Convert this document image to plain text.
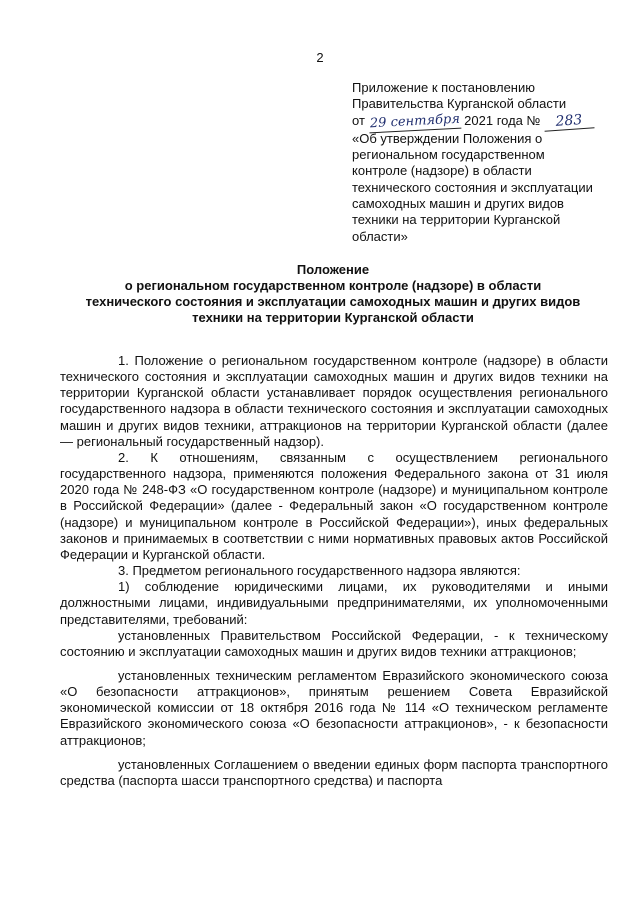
2
Приложение к постановлению
Правительства Курганской области
от 29 сентября 2021 года № 283
«Об утверждении Положения о
региональном государственном
контроле (надзоре) в области
технического состояния и эксплуатации
самоходных машин и других видов
техники на территории Курганской
области»
Положение
о региональном государственном контроле (надзоре) в области
технического состояния и эксплуатации самоходных машин и других видов
техники на территории Курганской области

1. Положение о региональном государственном контроле (надзоре) в области технического состояния и эксплуатации самоходных машин и других видов техники на территории Курганской области устанавливает порядок осуществления регионального государственного надзора в области технического состояния и эксплуатации самоходных машин и других видов техники, аттракционов на территории Курганской области (далее — региональный государственный надзор).

2. К отношениям, связанным с осуществлением регионального государственного надзора, применяются положения Федерального закона от 31 июля 2020 года № 248-ФЗ «О государственном контроле (надзоре) и муниципальном контроле в Российской Федерации» (далее - Федеральный закон «О государственном контроле (надзоре) и муниципальном контроле в Российской Федерации»), иных федеральных законов и принимаемых в соответствии с ними нормативных правовых актов Российской Федерации и Курганской области.

3. Предметом регионального государственного надзора являются:

1) соблюдение юридическими лицами, их руководителями и иными должностными лицами, индивидуальными предпринимателями, их уполномоченными представителями, требований:

установленных Правительством Российской Федерации, - к техническому состоянию и эксплуатации самоходных машин и других видов техники аттракционов;

установленных техническим регламентом Евразийского экономического союза «О безопасности аттракционов», принятым решением Совета Евразийской экономической комиссии от 18 октября 2016 года № 114 «О техническом регламенте Евразийского экономического союза «О безопасности аттракционов», - к безопасности аттракционов;

установленных Соглашением о введении единых форм паспорта транспортного средства (паспорта шасси транспортного средства) и паспорта
